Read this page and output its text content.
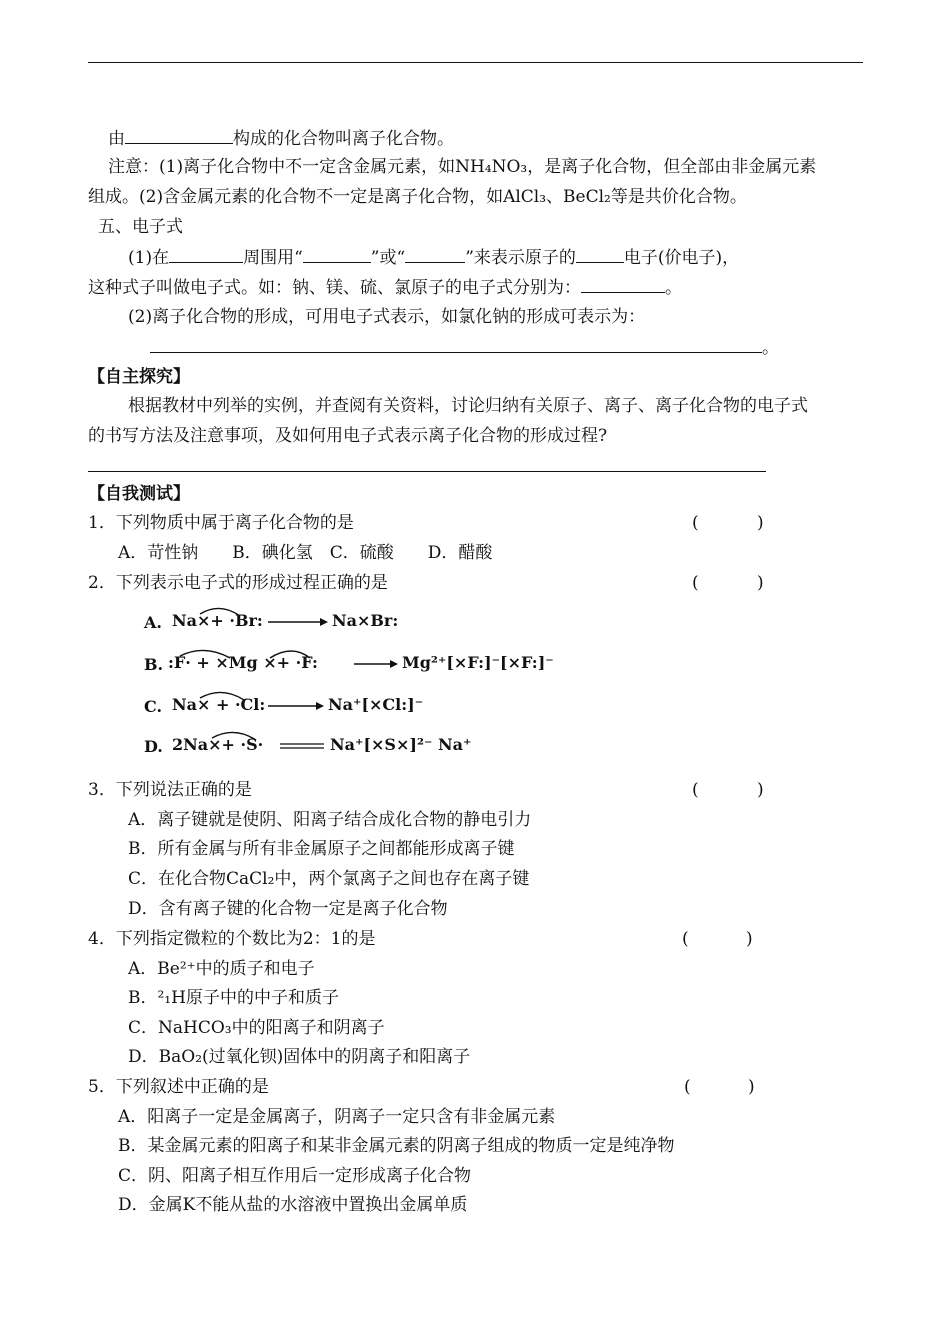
由	构成的化合物叫离子化合物。
注意：(1)离子化合物中不一定含金属元素，如NH₄NO₃，是离子化合物，但全部由非金属元素
组成。(2)含金属元素的化合物不一定是离子化合物，如AlCl₃、BeCl₂等是共价化合物。
五、电子式
(1)在	周围用“	”或“	”来表示原子的	电子(价电子)，
这种式子叫做电子式。如：钠、镁、硫、氯原子的电子式分别为：	。
(2)离子化合物的形成，可用电子式表示，如氯化钠的形成可表示为：
。
【自主探究】
根据教材中列举的实例，并查阅有关资料，讨论归纳有关原子、离子、离子化合物的电子式
的书写方法及注意事项，及如何用电子式表示离子化合物的形成过程?
【自我测试】
1．下列物质中属于离子化合物的是	(	)
A．苛性钠　　B．碘化氢　C．硫酸　　D．醋酸
2．下列表示电子式的形成过程正确的是	(	)
A. Na×+ ·Br:	Na×Br:
B. :F· + ×Mg ×+ ·F:	Mg²⁺[×F:]⁻[×F:]⁻
C. Na× + ·Cl:	Na⁺[×Cl:]⁻
D. 2Na×+ ·S·	Na⁺[×S×]²⁻ Na⁺
3．下列说法正确的是	(	)
A．离子键就是使阴、阳离子结合成化合物的静电引力
B．所有金属与所有非金属原子之间都能形成离子键
C．在化合物CaCl₂中，两个氯离子之间也存在离子键
D．含有离子键的化合物一定是离子化合物
4．下列指定微粒的个数比为2：1的是	(	)
A．Be²⁺中的质子和电子
B．²₁H原子中的中子和质子
C．NaHCO₃中的阳离子和阴离子
D．BaO₂(过氧化钡)固体中的阴离子和阳离子
5．下列叙述中正确的是	(	)
A．阳离子一定是金属离子，阴离子一定只含有非金属元素
B．某金属元素的阳离子和某非金属元素的阴离子组成的物质一定是纯净物
C．阴、阳离子相互作用后一定形成离子化合物
D．金属K不能从盐的水溶液中置换出金属单质
